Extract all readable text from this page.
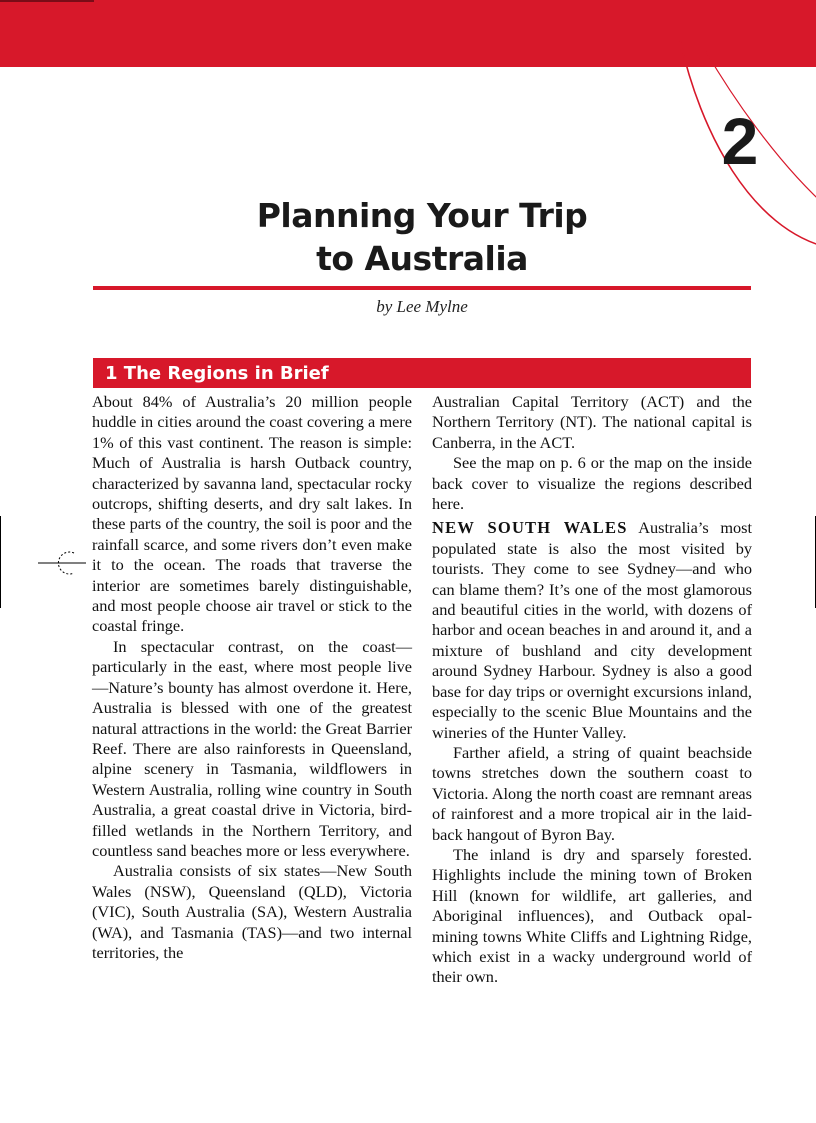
2
Planning Your Trip
to Australia
by Lee Mylne
1 The Regions in Brief

About 84% of Australia’s 20 million people huddle in cities around the coast covering a mere 1% of this vast continent. The reason is simple: Much of Australia is harsh Outback country, characterized by savanna land, spectacular rocky outcrops, shifting deserts, and dry salt lakes. In these parts of the country, the soil is poor and the rainfall scarce, and some rivers don’t even make it to the ocean. The roads that traverse the interior are sometimes barely distinguishable, and most people choose air travel or stick to the coastal fringe.

In spectacular contrast, on the coast—particularly in the east, where most people live—Nature’s bounty has almost overdone it. Here, Australia is blessed with one of the greatest natural attractions in the world: the Great Barrier Reef. There are also rainforests in Queensland, alpine scenery in Tasmania, wildflowers in Western Australia, rolling wine country in South Australia, a great coastal drive in Victoria, bird-filled wetlands in the Northern Territory, and countless sand beaches more or less everywhere.

Australia consists of six states—New South Wales (NSW), Queensland (QLD), Victoria (VIC), South Australia (SA), Western Australia (WA), and Tasmania (TAS)—and two internal territories, the

Australian Capital Territory (ACT) and the Northern Territory (NT). The national capital is Canberra, in the ACT.

See the map on p. 6 or the map on the inside back cover to visualize the regions described here.

NEW SOUTH WALES Australia’s most populated state is also the most visited by tourists. They come to see Sydney—and who can blame them? It’s one of the most glamorous and beautiful cities in the world, with dozens of harbor and ocean beaches in and around it, and a mixture of bushland and city development around Sydney Harbour. Sydney is also a good base for day trips or overnight excursions inland, especially to the scenic Blue Mountains and the wineries of the Hunter Valley.

Farther afield, a string of quaint beachside towns stretches down the southern coast to Victoria. Along the north coast are remnant areas of rainforest and a more tropical air in the laid-back hangout of Byron Bay.

The inland is dry and sparsely forested. Highlights include the mining town of Broken Hill (known for wildlife, art galleries, and Aboriginal influences), and Outback opal-mining towns White Cliffs and Lightning Ridge, which exist in a wacky underground world of their own.
